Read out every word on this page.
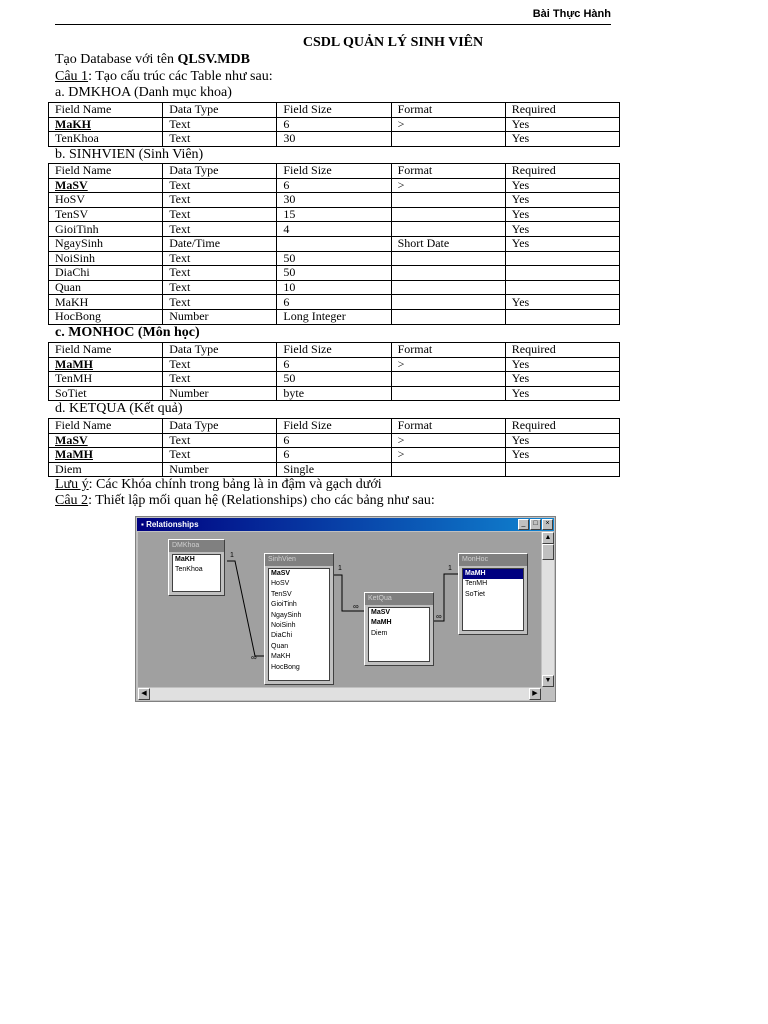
Bài Thực Hành
CSDL QUẢN LÝ SINH VIÊN
Tạo Database với tên QLSV.MDB
Câu 1: Tạo cấu trúc các Table như sau:
a. DMKHOA (Danh mục khoa)
Field Name	Data Type	Field Size	Format	Required
MaKH	Text	6	>	Yes
TenKhoa	Text	30		Yes
b. SINHVIEN (Sinh Viên)
Field Name	Data Type	Field Size	Format	Required
MaSV	Text	6	>	Yes
HoSV	Text	30		Yes
TenSV	Text	15		Yes
GioiTinh	Text	4		Yes
NgaySinh	Date/Time		Short Date	Yes
NoiSinh	Text	50		
DiaChi	Text	50		
Quan	Text	10		
MaKH	Text	6		Yes
HocBong	Number	Long Integer		
c. MONHOC (Môn học)
Field Name	Data Type	Field Size	Format	Required
MaMH	Text	6	>	Yes
TenMH	Text	50		Yes
SoTiet	Number	byte		Yes
d. KETQUA (Kết quả)
Field Name	Data Type	Field Size	Format	Required
MaSV	Text	6	>	Yes
MaMH	Text	6	>	Yes
Diem	Number	Single		
Lưu ý: Các Khóa chính trong bảng là in đậm và gạch dưới
Câu 2: Thiết lập mối quan hệ (Relationships) cho các bảng như sau:
▪ Relationships	_	□	×
1
∞
1
∞
1
∞
DMKhoa
MaKH
TenKhoa
SinhVien
MaSV
HoSV
TenSV
GioiTinh
NgaySinh
NoiSinh
DiaChi
Quan
MaKH
HocBong
KetQua
MaSV
MaMH
Diem
MonHoc
MaMH
TenMH
SoTiet
▲
▼
◀	▶
